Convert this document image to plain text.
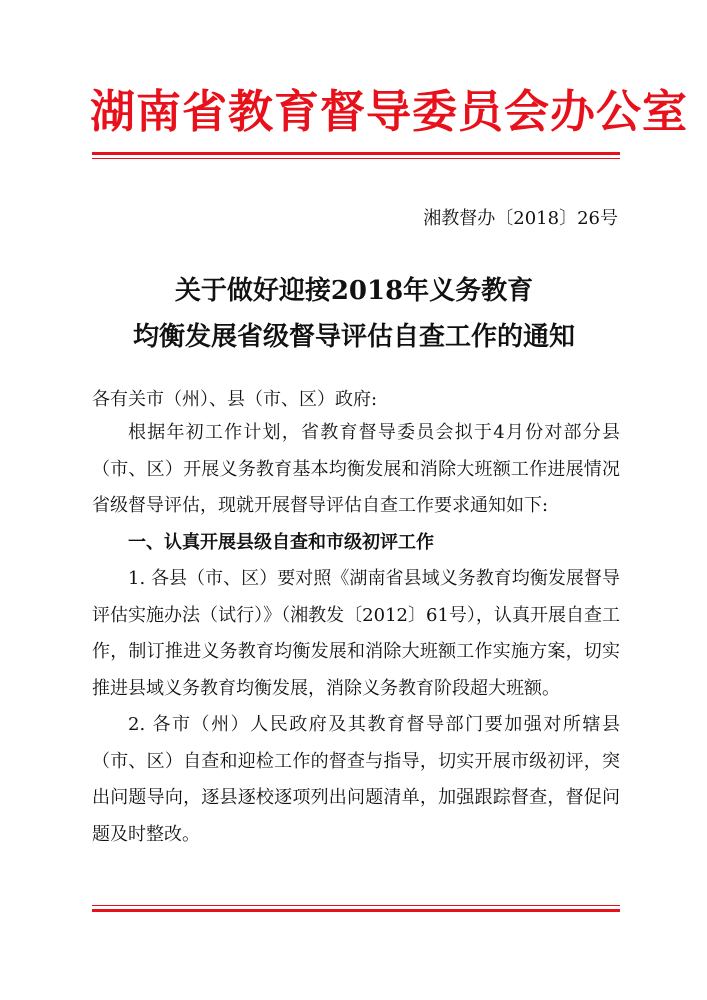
湖南省教育督导委员会办公室
湘教督办〔2018〕26号
关于做好迎接2018年义务教育
均衡发展省级督导评估自查工作的通知
各有关市（州）、县（市、区）政府:

根据年初工作计划，省教育督导委员会拟于4月份对部分县（市、区）开展义务教育基本均衡发展和消除大班额工作进展情况省级督导评估，现就开展督导评估自查工作要求通知如下:

一、认真开展县级自查和市级初评工作

1. 各县（市、区）要对照《湖南省县域义务教育均衡发展督导评估实施办法（试行）》（湘教发〔2012〕61号），认真开展自查工作，制订推进义务教育均衡发展和消除大班额工作实施方案，切实推进县域义务教育均衡发展，消除义务教育阶段超大班额。

2. 各市（州）人民政府及其教育督导部门要加强对所辖县（市、区）自查和迎检工作的督查与指导，切实开展市级初评，突出问题导向，逐县逐校逐项列出问题清单，加强跟踪督查，督促问题及时整改。
